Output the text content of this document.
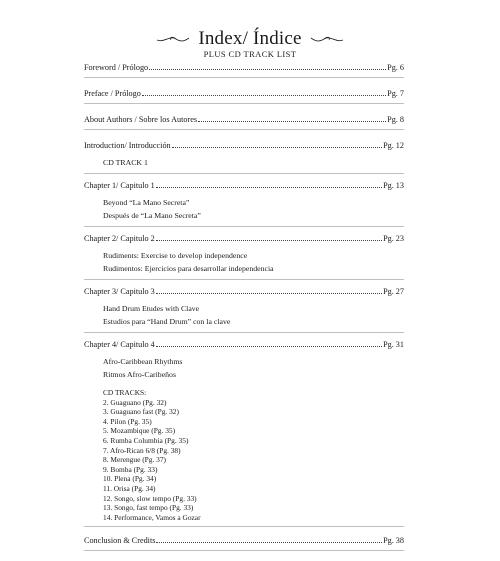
Index/ Índice
PLUS CD TRACK LIST
Foreword / Prólogo	Pg. 6
Preface / Prólogo	Pg. 7
About Authors / Sobre los Autores	Pg. 8
Introduction/ Introducción	Pg. 12
CD TRACK 1
Chapter 1/ Capitulo 1	Pg. 13
Beyond “La Mano Secreta”
Después de “La Mano Secreta”
Chapter 2/ Capitulo 2	Pg. 23
Rudiments: Exercise to develop independence
Rudimentos: Ejercicios para desarrollar independencia
Chapter 3/ Capitulo 3	Pg. 27
Hand Drum Etudes with Clave
Estudios para “Hand Drum” con la clave
Chapter 4/ Capitulo 4	Pg. 31
Afro-Caribbean Rhythms
Ritmos Afro-Caribeños
CD TRACKS:
2. Guaguano (Pg. 32)
3. Guaguano fast (Pg. 32)
4. Pilon (Pg. 35)
5. Mozambique (Pg. 35)
6. Rumba Columbia (Pg. 35)
7. Afro-Rican 6/8 (Pg. 38)
8. Merengue (Pg. 37)
9. Bomba (Pg. 33)
10. Plena (Pg. 34)
11. Orisa (Pg. 34)
12. Songo, slow tempo (Pg. 33)
13. Songo, fast tempo (Pg. 33)
14. Performance, Vamos a Gozar
Conclusion & Credits	Pg. 38
